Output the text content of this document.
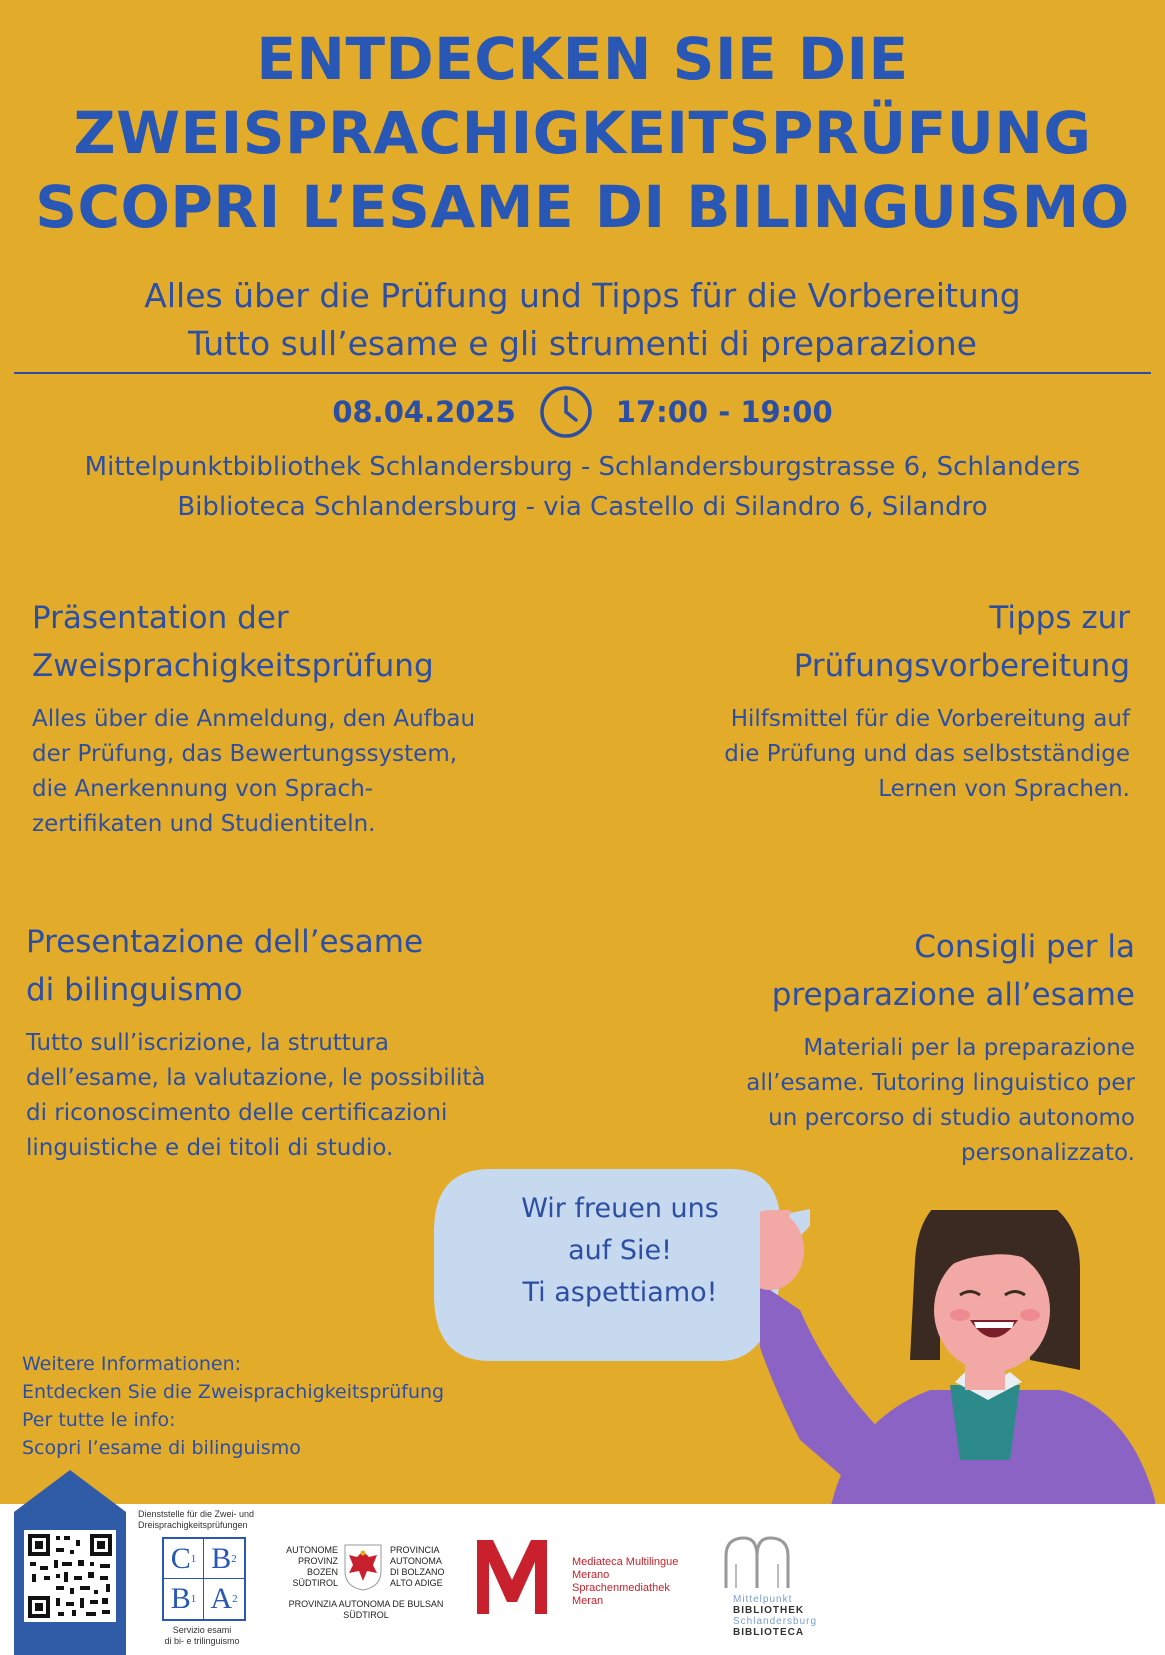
ENTDECKEN SIE DIE
ZWEISPRACHIGKEITSPRÜFUNG
SCOPRI L’ESAME DI BILINGUISMO
Alles über die Prüfung und Tipps für die Vorbereitung
Tutto sull’esame e gli strumenti di preparazione
08.04.2025	17:00 - 19:00
Mittelpunktbibliothek Schlandersburg - Schlandersburgstrasse 6, Schlanders
Biblioteca Schlandersburg - via Castello di Silandro 6, Silandro
Präsentation der
Zweisprachigkeitsprüfung

Alles über die Anmeldung, den Aufbau
der Prüfung, das Bewertungssystem,
die Anerkennung von Sprach-
zertifikaten und Studientiteln.

Tipps zur
Prüfungsvorbereitung

Hilfsmittel für die Vorbereitung auf
die Prüfung und das selbstständige
Lernen von Sprachen.

Presentazione dell’esame
di bilinguismo

Tutto sull’iscrizione, la struttura
dell’esame, la valutazione, le possibilità
di riconoscimento delle certificazioni
linguistiche e dei titoli di studio.

Consigli per la
preparazione all’esame

Materiali per la preparazione
all’esame. Tutoring linguistico per
un percorso di studio autonomo
personalizzato.

Wir freuen uns
auf Sie!
Ti aspettiamo!
Weitere Informationen:
Entdecken Sie die Zweisprachigkeitsprüfung
Per tutte le info:
Scopri l’esame di bilinguismo
Dienststelle für die Zwei- und
Dreisprachigkeitsprüfungen
C 1 B 2
B 1 A 2
Servizio esami
di bi- e trilinguismo
AUTONOME
PROVINZ
BOZEN
SÜDTIROL
PROVINCIA
AUTONOMA
DI BOLZANO
ALTO ADIGE
PROVINZIA AUTONOMA DE BULSAN
SÜDTIROL
Mediateca Multilingue
Merano
Sprachenmediathek
Meran	Mittelpunkt
BIBLIOTHEK
Schlandersburg
BIBLIOTECA
